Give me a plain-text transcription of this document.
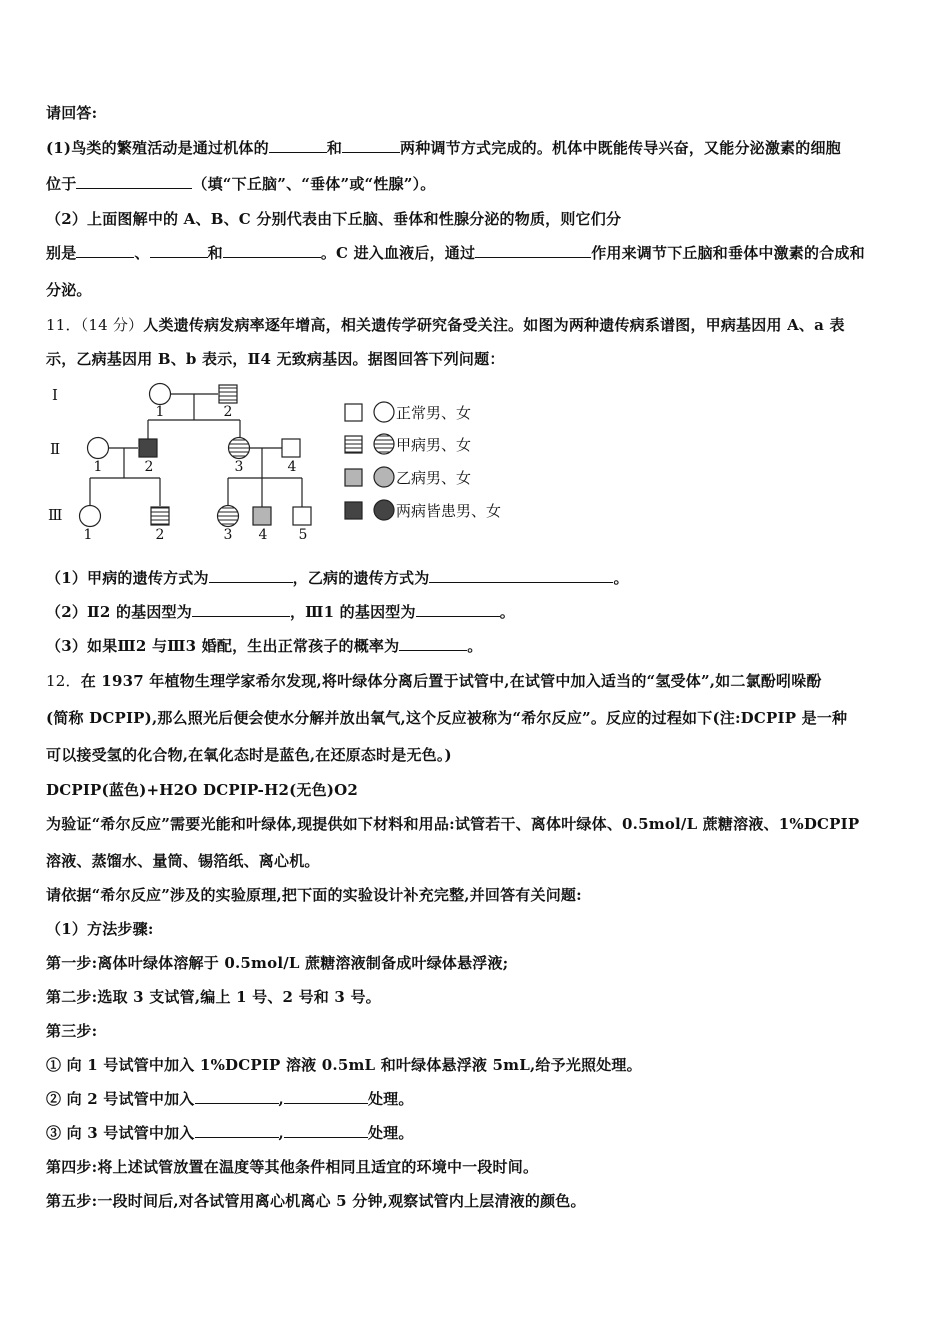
请回答:
(1)鸟类的繁殖活动是通过机体的	和	两种调节方式完成的。机体中既能传导兴奋，又能分泌激素的细胞
位于	（填“下丘脑”、“垂体”或“性腺”）。
（2）上面图解中的 A、B、C 分别代表由下丘脑、垂体和性腺分泌的物质，则它们分
别是	、	和	。C 进入血液后，通过	作用来调节下丘脑和垂体中激素的合成和
分泌。
11．（14 分）人类遗传病发病率逐年增高，相关遗传学研究备受关注。如图为两种遗传病系谱图，甲病基因用 A、a 表
示，乙病基因用 B、b 表示，Ⅱ4 无致病基因。据图回答下列问题：
Ⅰ
Ⅱ
Ⅲ
1	2
1	2	3	4
1	2	3 4 5
正常男、女
甲病男、女
乙病男、女
两病皆患男、女
（1）甲病的遗传方式为	，乙病的遗传方式为	。
（2）Ⅱ2 的基因型为	，Ⅲ1 的基因型为	。
（3）如果Ⅲ2 与Ⅲ3 婚配，生出正常孩子的概率为	。
12．在 1937 年植物生理学家希尔发现,将叶绿体分离后置于试管中,在试管中加入适当的“氢受体”,如二氯酚吲哚酚
(简称 DCPIP),那么照光后便会使水分解并放出氧气,这个反应被称为“希尔反应”。反应的过程如下(注:DCPIP 是一种
可以接受氢的化合物,在氧化态时是蓝色,在还原态时是无色。)
DCPIP(蓝色)+H2O DCPIP-H2(无色)O2
为验证“希尔反应”需要光能和叶绿体,现提供如下材料和用品:试管若干、离体叶绿体、0.5mol/L 蔗糖溶液、1%DCPIP
溶液、蒸馏水、量筒、锡箔纸、离心机。
请依据“希尔反应”涉及的实验原理,把下面的实验设计补充完整,并回答有关问题:
（1）方法步骤:
第一步:离体叶绿体溶解于 0.5mol/L 蔗糖溶液制备成叶绿体悬浮液;
第二步:选取 3 支试管,编上 1 号、2 号和 3 号。
第三步:
① 向 1 号试管中加入 1%DCPIP 溶液 0.5mL 和叶绿体悬浮液 5mL,给予光照处理。
② 向 2 号试管中加入	,	处理。
③ 向 3 号试管中加入	,	处理。
第四步:将上述试管放置在温度等其他条件相同且适宜的环境中一段时间。
第五步:一段时间后,对各试管用离心机离心 5 分钟,观察试管内上层清液的颜色。
